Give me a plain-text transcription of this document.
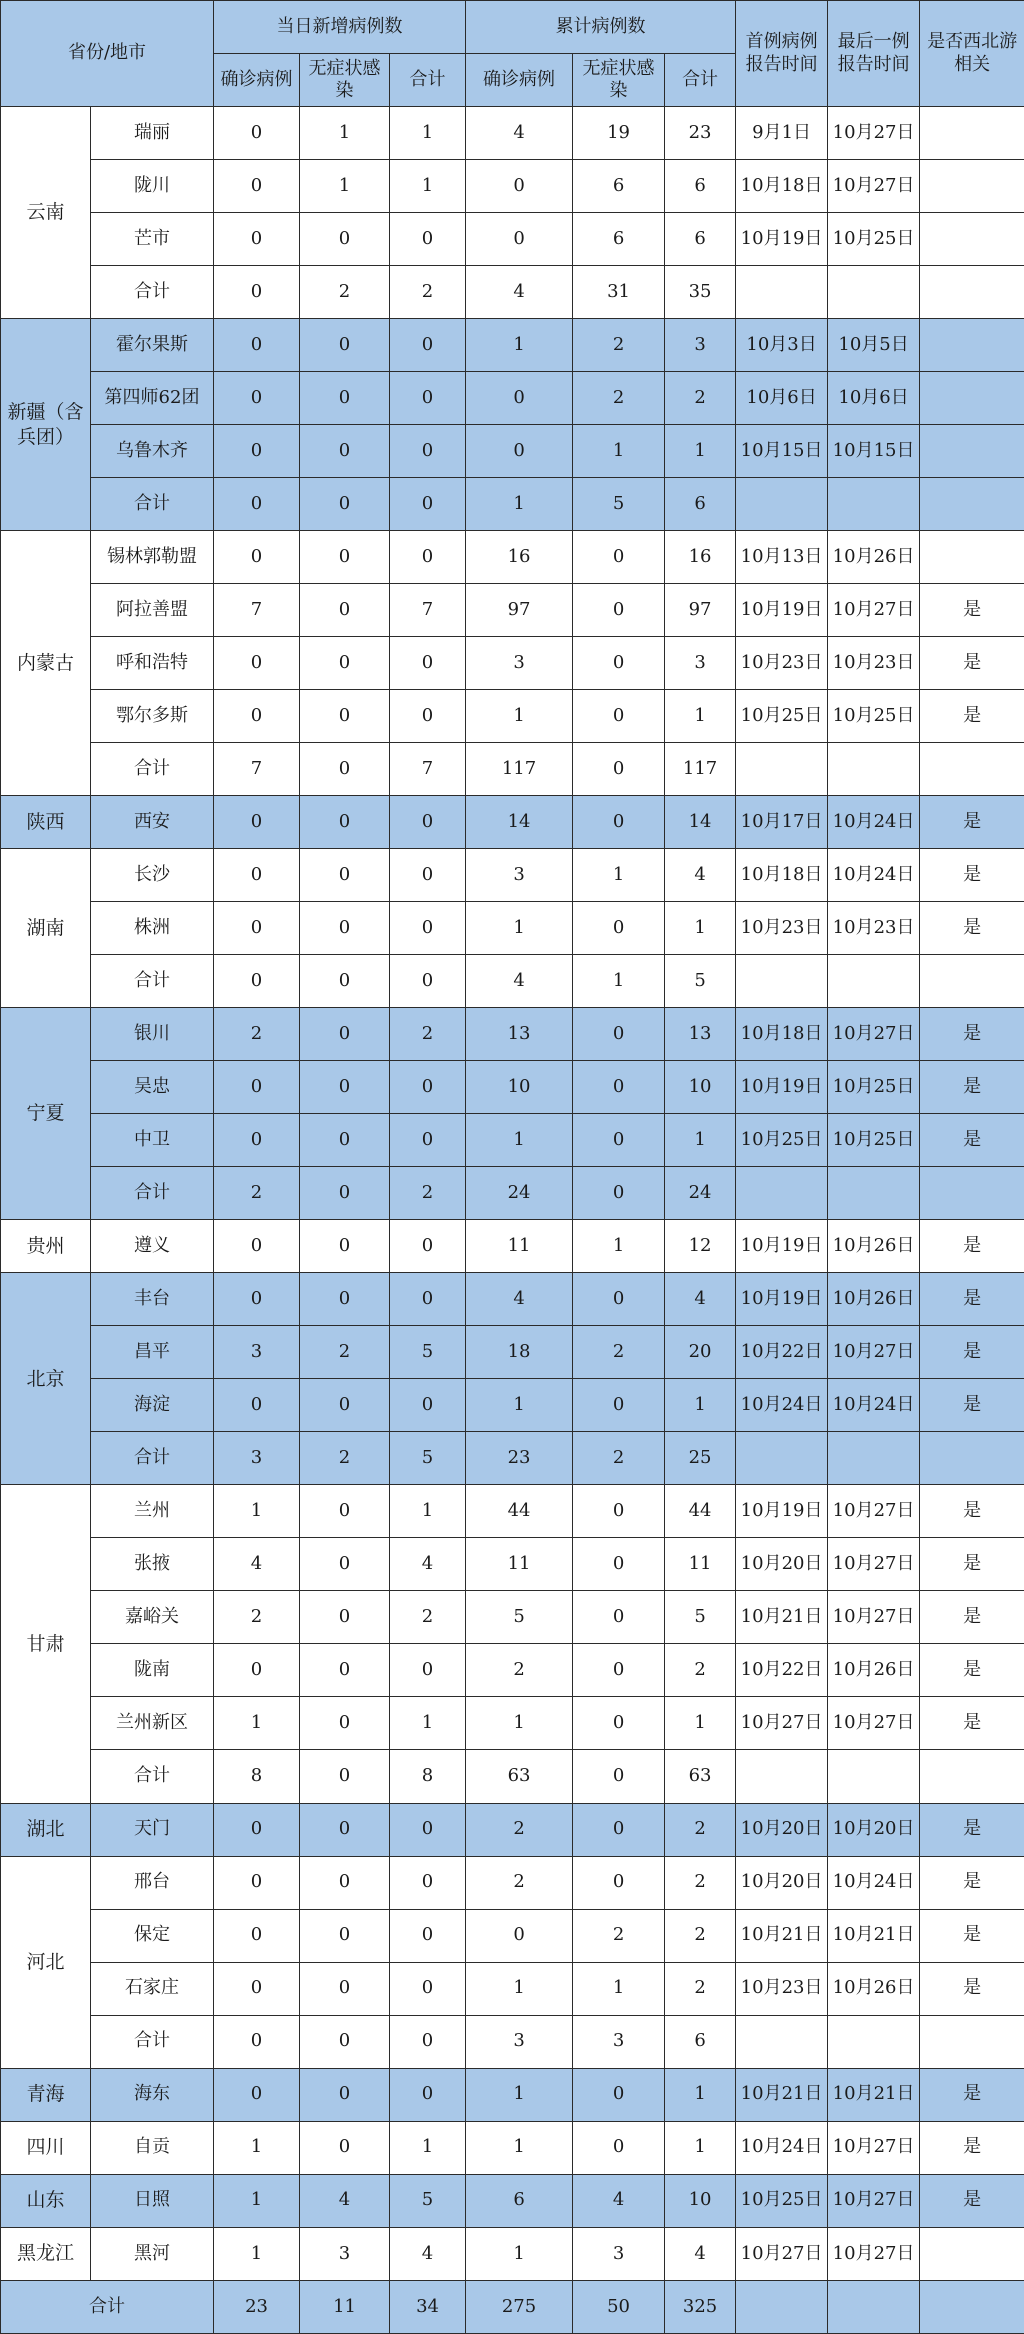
省份/地市		当日新增病例数			累计病例数			首例病例报告时间	最后一例报告时间	是否西北游相关
		确诊病例	无症状感染	合计	确诊病例	无症状感染	合计			
云南	瑞丽	0	1	1	4	19	23	9月1日	10月27日	
	陇川	0	1	1	0	6	6	10月18日	10月27日	
	芒市	0	0	0	0	6	6	10月19日	10月25日	
	合计	0	2	2	4	31	35			
新疆（含兵团）	霍尔果斯	0	0	0	1	2	3	10月3日	10月5日	
	第四师62团	0	0	0	0	2	2	10月6日	10月6日	
	乌鲁木齐	0	0	0	0	1	1	10月15日	10月15日	
	合计	0	0	0	1	5	6			
内蒙古	锡林郭勒盟	0	0	0	16	0	16	10月13日	10月26日	
	阿拉善盟	7	0	7	97	0	97	10月19日	10月27日	是
	呼和浩特	0	0	0	3	0	3	10月23日	10月23日	是
	鄂尔多斯	0	0	0	1	0	1	10月25日	10月25日	是
	合计	7	0	7	117	0	117			
陕西	西安	0	0	0	14	0	14	10月17日	10月24日	是
湖南	长沙	0	0	0	3	1	4	10月18日	10月24日	是
	株洲	0	0	0	1	0	1	10月23日	10月23日	是
	合计	0	0	0	4	1	5			
宁夏	银川	2	0	2	13	0	13	10月18日	10月27日	是
	吴忠	0	0	0	10	0	10	10月19日	10月25日	是
	中卫	0	0	0	1	0	1	10月25日	10月25日	是
	合计	2	0	2	24	0	24			
贵州	遵义	0	0	0	11	1	12	10月19日	10月26日	是
北京	丰台	0	0	0	4	0	4	10月19日	10月26日	是
	昌平	3	2	5	18	2	20	10月22日	10月27日	是
	海淀	0	0	0	1	0	1	10月24日	10月24日	是
	合计	3	2	5	23	2	25			
甘肃	兰州	1	0	1	44	0	44	10月19日	10月27日	是
	张掖	4	0	4	11	0	11	10月20日	10月27日	是
	嘉峪关	2	0	2	5	0	5	10月21日	10月27日	是
	陇南	0	0	0	2	0	2	10月22日	10月26日	是
	兰州新区	1	0	1	1	0	1	10月27日	10月27日	是
	合计	8	0	8	63	0	63			
湖北	天门	0	0	0	2	0	2	10月20日	10月20日	是
河北	邢台	0	0	0	2	0	2	10月20日	10月24日	是
	保定	0	0	0	0	2	2	10月21日	10月21日	是
	石家庄	0	0	0	1	1	2	10月23日	10月26日	是
	合计	0	0	0	3	3	6			
青海	海东	0	0	0	1	0	1	10月21日	10月21日	是
四川	自贡	1	0	1	1	0	1	10月24日	10月27日	是
山东	日照	1	4	5	6	4	10	10月25日	10月27日	是
黑龙江	黑河	1	3	4	1	3	4	10月27日	10月27日	
合计		23	11	34	275	50	325			
